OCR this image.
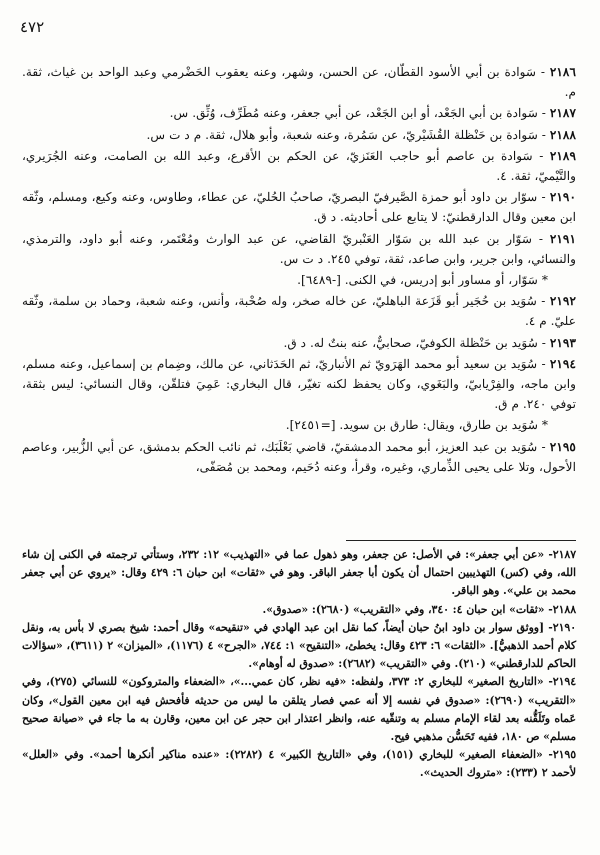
٤٧٢

٢١٨٦ - سَوادة بن أبي الأسود القطّان، عن الحسن، وشهر، وعنه يعقوب الحَضْرمي وعبد الواحد بن غياث، ثقة. م.

٢١٨٧ - سَوادة بن أبي الجَعْد، أو ابن الجَعْد، عن أبي جعفر، وعنه مُطَرِّف، وُثِّق. س.

٢١٨٨ - سَوادة بن حَنْظلة القُشَيْريّ، عن سَمُرة، وعنه شعبة، وأبو هلال، ثقة. م د ت س.

٢١٨٩ - سَوادة بن عاصم أبو حاجب العَنَزيّ، عن الحكم بن الأقرع، وعبد الله بن الصامت، وعنه الجُرَيري، والتَّيْميّ، ثقة. ٤.

٢١٩٠ - سوّار بن داود أبو حمزة الصَّيرفيّ البصريّ، صاحبُ الحُليّ، عن عطاء، وطاوس، وعنه وكيع، ومسلم، وثّقه ابن معين وقال الدارقطنيّ: لا يتابع على أحاديثه. د ق.

٢١٩١ - سَوّار بن عبد الله بن سَوّار العَنْبريّ القاضي، عن عبد الوارث ومُعْتَمر، وعنه أبو داود، والترمذي، والنسائي، وابن جرير، وابن صاعد، ثقة، توفي ٢٤٥. د ت س.

* سَوّار، أو مساور أبو إدريس، في الكنى. [-٦٤٨٩].

٢١٩٢ - سُوَيد بن حُجَير أبو قَزَعة الباهليّ، عن خاله صخر، وله صُحْبة، وأنس، وعنه شعبة، وحماد بن سلمة، وثّقه عليّ. م ٤.

٢١٩٣ - سُوَيد بن حَنْظلة الكوفيّ، صحابيٌّ، عنه بنتٌ له. د ق.

٢١٩٤ - سُوَيد بن سعيد أبو محمد الهَرَويّ ثم الأنباريّ، ثم الحَدَثاني، عن مالك، وضِمام بن إسماعيل، وعنه مسلم، وابن ماجه، والفِرْيابيّ، والبَغَوي، وكان يحفظ لكنه تغيّر، قال البخاري: عَمِيَ فتلقّن، وقال النسائي: ليس بثقة، توفي ٢٤٠. م ق.

* سُوَيد بن طارق، ويقال: طارق بن سويد. [=٢٤٥١].

٢١٩٥ - سُوَيد بن عبد العزيز، أبو محمد الدمشقيّ، قاضي بَعْلَبَك، ثم نائب الحكم بدمشق، عن أبي الزُّبير، وعاصم الأحول، وتلا على يحيى الذِّماري، وغيره، وقرأ، وعنه دُحَيم، ومحمد بن مُصَفّى،

٢١٨٧- «عن أبي جعفر»: في الأصل: عن جعفر، وهو ذهول عما في «التهذيب» ١٢: ٢٣٢، وستأتي ترجمته في الكنى إن شاء الله، وفي (كس) التهذيبين احتمال أن يكون أبا جعفر الباقر. وهو في «ثقات» ابن حبان ٦: ٤٢٩ وقال: «يروي عن أبي جعفر محمد بن علي». وهو الباقر.

٢١٨٨- «ثقات» ابن حبان ٤: ٣٤٠، وفي «التقريب» (٢٦٨٠): «صدوق».

٢١٩٠- [ووثق سوار بن داود ابنُ حبان أيضاً، كما نقل ابن عبد الهادي في «تنقيحه» وقال أحمد: شيخ بصري لا بأس به، ونقل كلام أحمد الذهبيُّ]. «الثقات» ٦: ٤٢٣ وقال: يخطئ، «التنقيح» ١: ٧٤٤، «الجرح» ٤ (١١٧٦)، «الميزان» ٢ (٣٦١١)، «سؤالات الحاكم للدارقطني» (٢١٠). وفي «التقريب» (٢٦٨٢): «صدوق له أوهام».

٢١٩٤- «التاريخ الصغير» للبخاري ٢: ٣٧٣، ولفظه: «فيه نظر، كان عمي...»، «الضعفاء والمتروكون» للنسائي (٢٧٥)، وفي «التقريب» (٢٦٩٠): «صدوق في نفسه إلا أنه عمي فصار يتلقن ما ليس من حديثه فأفحش فيه ابن معين القول»، وكان عَماه وتَلَقُّنه بعد لقاء الإمام مسلم به وتنقّيه عنه، وانظر اعتذار ابن حجر عن ابن معين، وقارن به ما جاء في «صيانة صحيح مسلم» ص ١٨٠، ففيه تَحَسُّن مذهبي فيح.

٢١٩٥- «الضعفاء الصغير» للبخاري (١٥١)، وفي «التاريخ الكبير» ٤ (٢٢٨٢): «عنده مناكير أنكرها أحمد». وفي «العلل» لأحمد ٢ (٢٣٣): «متروك الحديث».
